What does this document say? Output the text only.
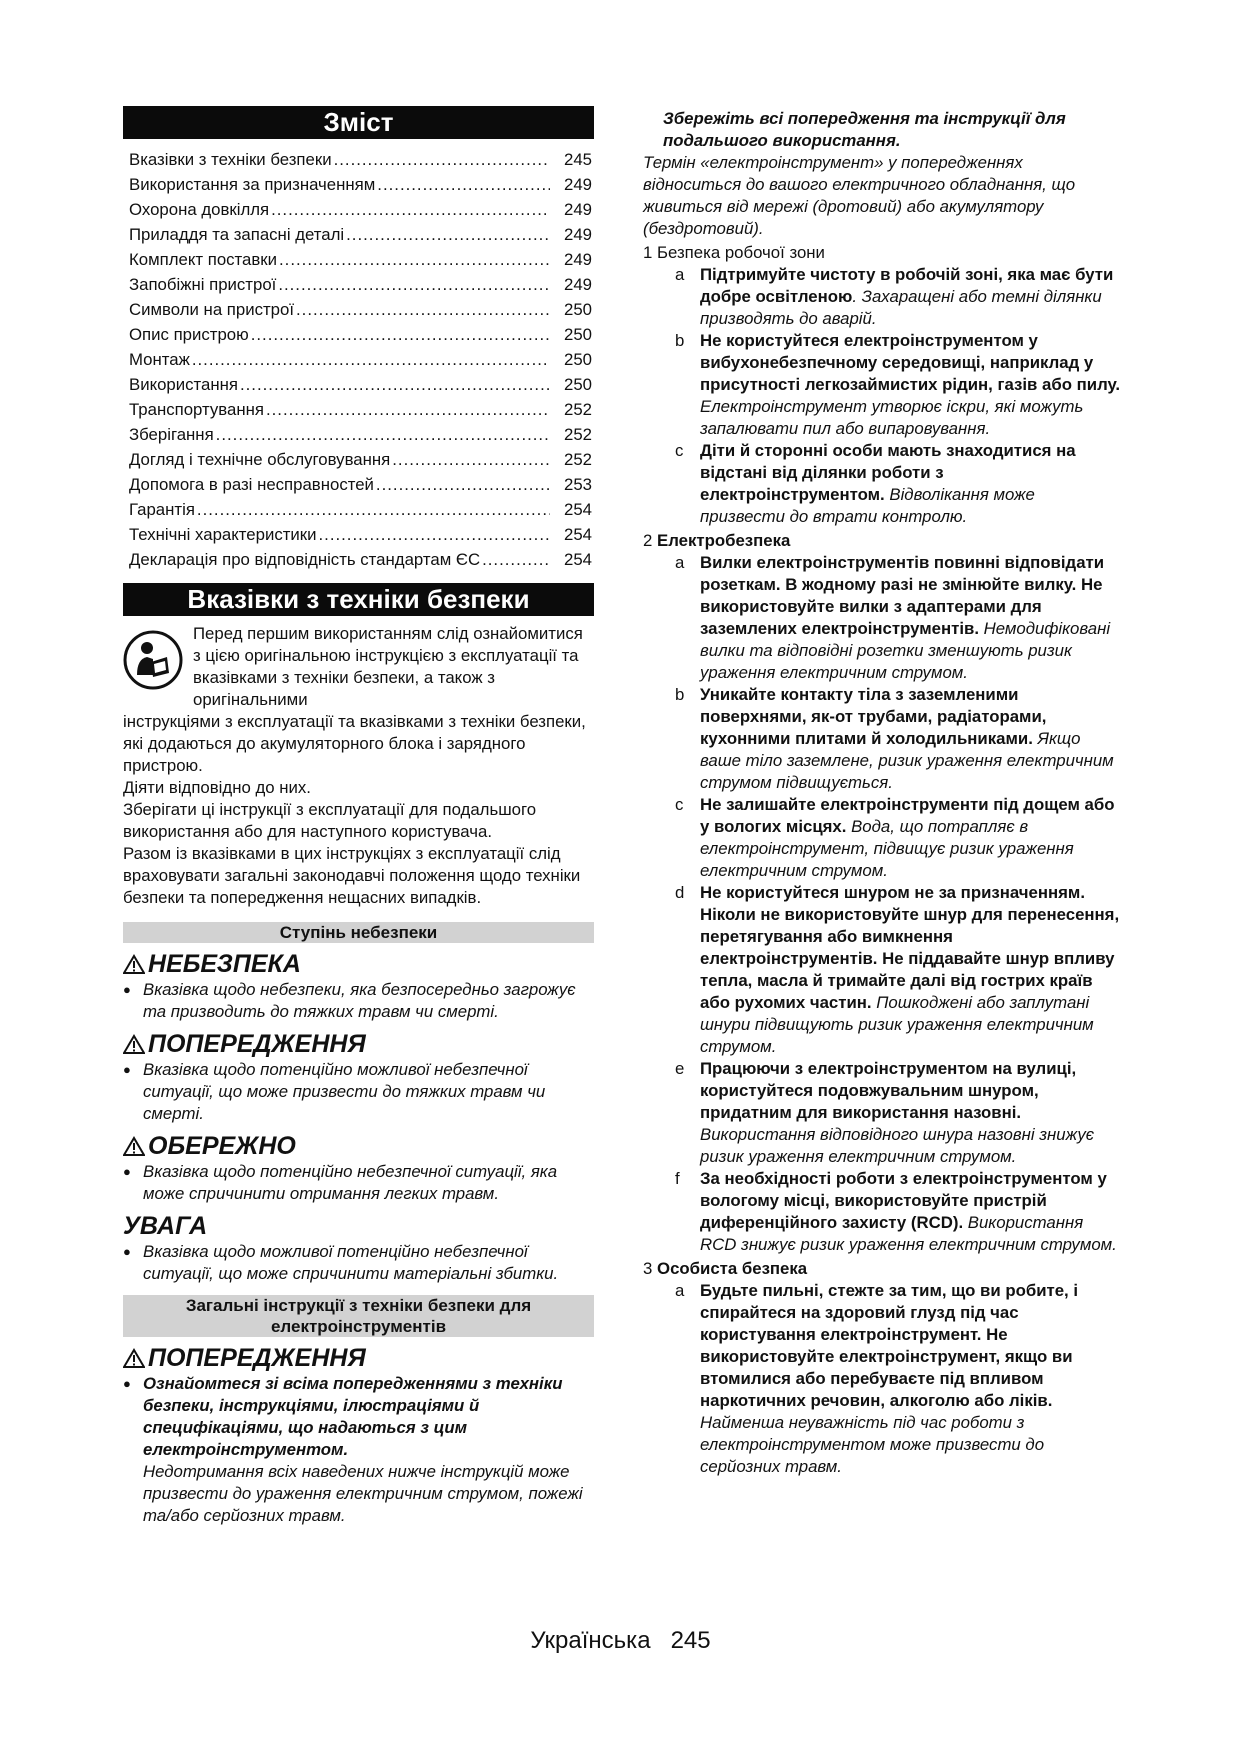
Зміст
Вказівки з техніки безпеки .....	245
Використання за призначенням .....	249
Охорона довкілля .....	249
Приладдя та запасні деталі .....	249
Комплект поставки .....	249
Запобіжні пристрої .....	249
Символи на пристрої .....	250
Опис пристрою .....	250
Монтаж .....	250
Використання .....	250
Транспортування .....	252
Зберігання .....	252
Догляд і технічне обслуговування .....	252
Допомога в разі несправностей .....	253
Гарантія .....	254
Технічні характеристики .....	254
Декларація про відповідність стандартам ЄС .....	254
Вказівки з техніки безпеки
Перед першим використанням слід ознайомитися з цією оригінальною інструкцією з експлуатації та вказівками з техніки безпеки, а також з оригінальними

інструкціями з експлуатації та вказівками з техніки безпеки, які додаються до акумуляторного блока і зарядного пристрою.

Діяти відповідно до них.

Зберігати ці інструкції з експлуатації для подальшого використання або для наступного користувача.

Разом із вказівками в цих інструкціях з експлуатації слід враховувати загальні законодавчі положення щодо техніки безпеки та попередження нещасних випадків.

Ступінь небезпеки
НЕБЕЗПЕКА
● Вказівка щодо небезпеки, яка безпосередньо загрожує та призводить до тяжких травм чи смерті.
ПОПЕРЕДЖЕННЯ
● Вказівка щодо потенційно можливої небезпечної ситуації, що може призвести до тяжких травм чи смерті.
ОБЕРЕЖНО
● Вказівка щодо потенційно небезпечної ситуації, яка може спричинити отримання легких травм.
УВАГА
● Вказівка щодо можливої потенційно небезпечної ситуації, що може спричинити матеріальні збитки.
Загальні інструкції з техніки безпеки для електроінструментів
ПОПЕРЕДЖЕННЯ
● Ознайомтеся зі всіма попередженнями з техніки безпеки, інструкціями, ілюстраціями й специфікаціями, що надаються з цим електроінструментом.
Недотримання всіх наведених нижче інструкцій може призвести до ураження електричним струмом, пожежі та/або серйозних травм.
Збережіть всі попередження та інструкції для подальшого використання.
Термін «електроінструмент» у попередженнях відноситься до вашого електричного обладнання, що живиться від мережі (дротовий) або акумулятору (бездротовий).
1 Безпека робочої зони
a Підтримуйте чистоту в робочій зоні, яка має бути добре освітленою. Захаращені або темні ділянки призводять до аварій.
b Не користуйтеся електроінструментом у вибухонебезпечному середовищі, наприклад у присутності легкозаймистих рідин, газів або пилу. Електроінструмент утворює іскри, які можуть запалювати пил або випаровування.
c Діти й сторонні особи мають знаходитися на відстані від ділянки роботи з електроінструментом. Відволікання може призвести до втрати контролю.
2 Електробезпека
a Вилки електроінструментів повинні відповідати розеткам. В жодному разі не змінюйте вилку. Не використовуйте вилки з адаптерами для заземлених електроінструментів. Немодифіковані вилки та відповідні розетки зменшують ризик ураження електричним струмом.
b Уникайте контакту тіла з заземленими поверхнями, як-от трубами, радіаторами, кухонними плитами й холодильниками. Якщо ваше тіло заземлене, ризик ураження електричним струмом підвищується.
c Не залишайте електроінструменти під дощем або у вологих місцях. Вода, що потрапляє в електроінструмент, підвищує ризик ураження електричним струмом.
d Не користуйтеся шнуром не за призначенням. Ніколи не використовуйте шнур для перенесення, перетягування або вимкнення електроінструментів. Не піддавайте шнур впливу тепла, масла й тримайте далі від гострих країв або рухомих частин. Пошкоджені або заплутані шнури підвищують ризик ураження електричним струмом.
e Працюючи з електроінструментом на вулиці, користуйтеся подовжувальним шнуром, придатним для використання назовні. Використання відповідного шнура назовні знижує ризик ураження електричним струмом.
f За необхідності роботи з електроінструментом у вологому місці, використовуйте пристрій диференційного захисту (RCD). Використання RCD знижує ризик ураження електричним струмом.
3 Особиста безпека
a Будьте пильні, стежте за тим, що ви робите, і спирайтеся на здоровий глузд під час користування електроінструмент. Не використовуйте електроінструмент, якщо ви втомилися або перебуваєте під впливом наркотичних речовин, алкоголю або ліків. Найменша неуважність під час роботи з електроінструментом може призвести до серйозних травм.
Українська 245
